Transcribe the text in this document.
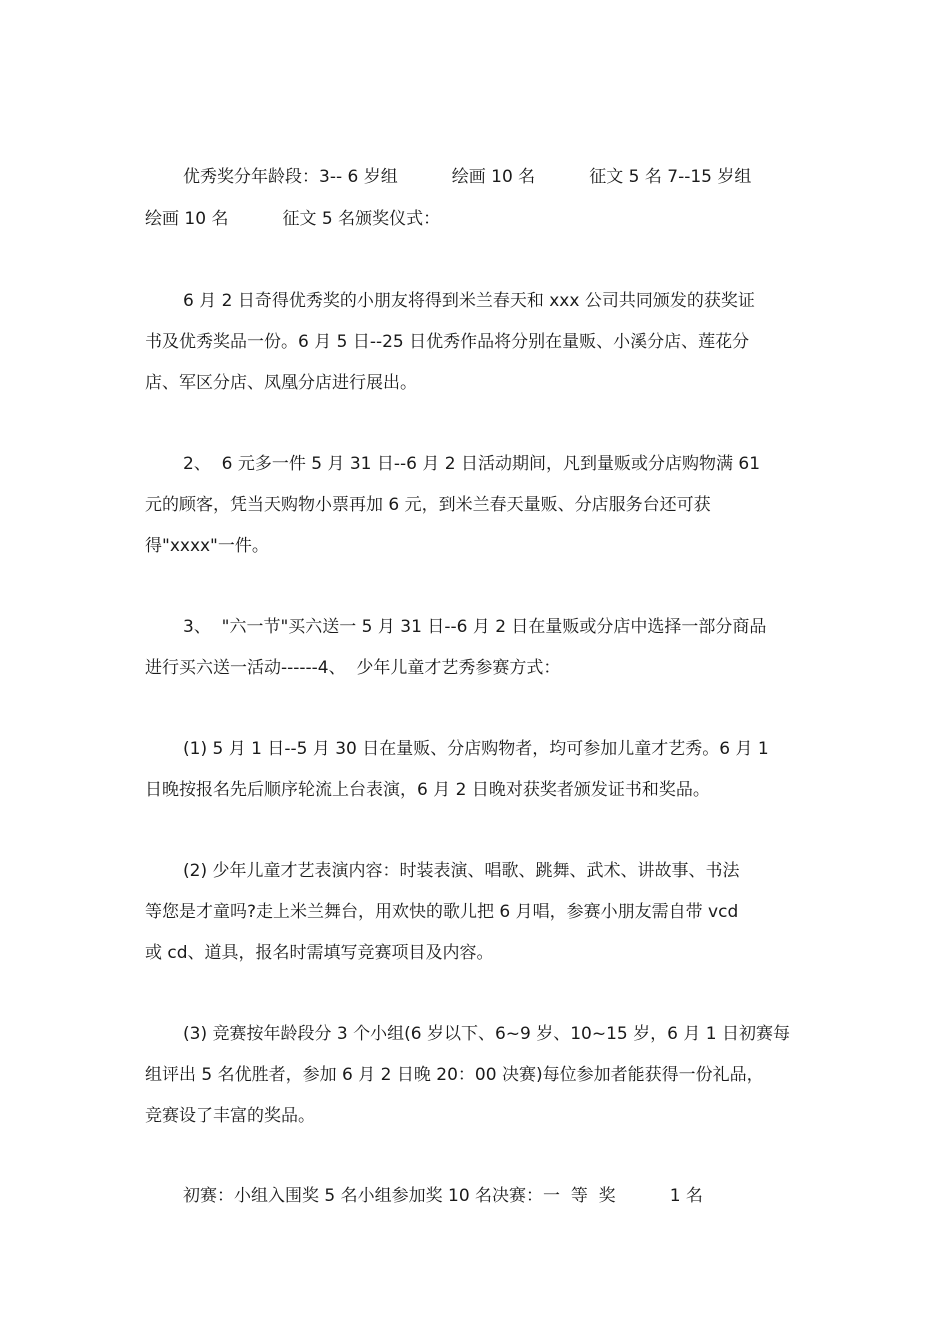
优秀奖分年龄段：3-- 6 岁组          绘画 10 名          征文 5 名 7--15 岁组
绘画 10 名          征文 5 名颁奖仪式：
6 月 2 日奇得优秀奖的小朋友将得到米兰春天和 xxx 公司共同颁发的获奖证
书及优秀奖品一份。6 月 5 日--25 日优秀作品将分别在量贩、小溪分店、莲花分
店、军区分店、凤凰分店进行展出。
2、  6 元多一件 5 月 31 日--6 月 2 日活动期间，凡到量贩或分店购物满 61
元的顾客，凭当天购物小票再加 6 元，到米兰春天量贩、分店服务台还可获
得"xxxx"一件。
3、  "六一节"买六送一 5 月 31 日--6 月 2 日在量贩或分店中选择一部分商品
进行买六送一活动------4、  少年儿童才艺秀参赛方式：
(1) 5 月 1 日--5 月 30 日在量贩、分店购物者，均可参加儿童才艺秀。6 月 1
日晚按报名先后顺序轮流上台表演，6 月 2 日晚对获奖者颁发证书和奖品。
(2) 少年儿童才艺表演内容：时装表演、唱歌、跳舞、武术、讲故事、书法
等您是才童吗?走上米兰舞台，用欢快的歌儿把 6 月唱，参赛小朋友需自带 vcd
或 cd、道具，报名时需填写竞赛项目及内容。
(3) 竞赛按年龄段分 3 个小组(6 岁以下、6~9 岁、10~15 岁，6 月 1 日初赛每
组评出 5 名优胜者，参加 6 月 2 日晚 20：00 决赛)每位参加者能获得一份礼品，
竞赛设了丰富的奖品。
初赛：小组入围奖 5 名小组参加奖 10 名决赛：一  等  奖          1 名
